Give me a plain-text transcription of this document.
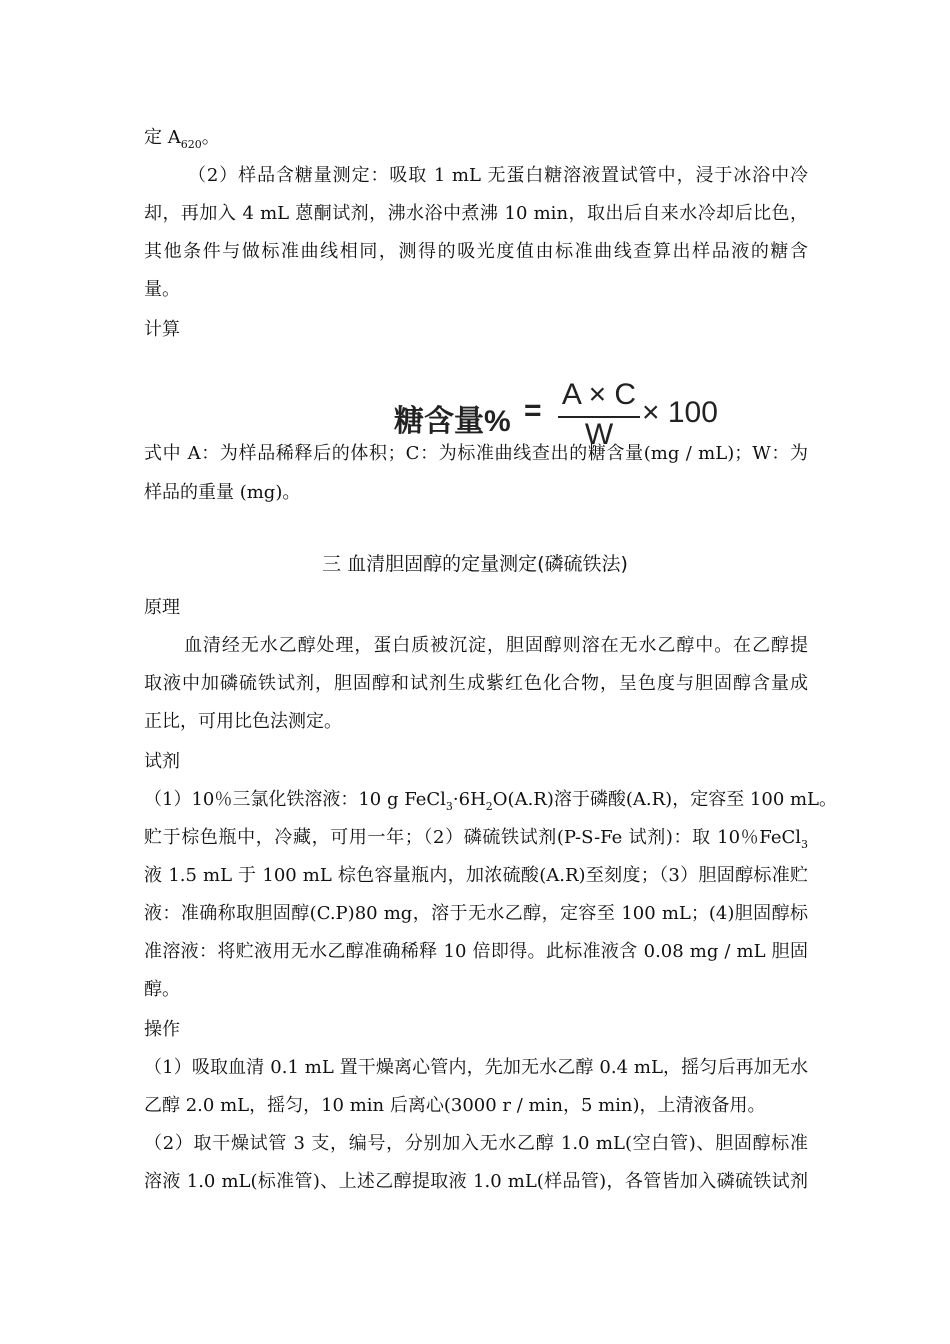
定 $A_{620}$。
（2）样品含糖量测定：吸取 1 mL 无蛋白糖溶液置试管中，浸于冰浴中冷
却，再加入 4 mL 蒽酮试剂，沸水浴中煮沸 10 min，取出后自来水冷却后比色，
其他条件与做标准曲线相同，测得的吸光度值由标准曲线查算出样品液的糖含
量。
计算
糖含量% = A × C
W
× 100
式中 A：为样品稀释后的体积；C：为标准曲线查出的糖含量(mg / mL)；W：为
样品的重量 (mg)。
三 血清胆固醇的定量测定(磷硫铁法)
原理
血清经无水乙醇处理，蛋白质被沉淀，胆固醇则溶在无水乙醇中。在乙醇提
取液中加磷硫铁试剂，胆固醇和试剂生成紫红色化合物，呈色度与胆固醇含量成
正比，可用比色法测定。
试剂
（1）10％三氯化铁溶液：10 g $FeCl_3\cdot 6H_2O(A.R)$溶于磷酸(A.R)，定容至 100 mL。
贮于棕色瓶中，冷藏，可用一年；（2）磷硫铁试剂(P-S-Fe 试剂)：取 10％FeCl$_3$
液 1.5 mL 于 100 mL 棕色容量瓶内，加浓硫酸(A.R)至刻度；（3）胆固醇标准贮
液：准确称取胆固醇(C.P)80 mg，溶于无水乙醇，定容至 100 mL；(4)胆固醇标
准溶液：将贮液用无水乙醇准确稀释 10 倍即得。此标准液含 0.08 mg / mL 胆固
醇。
操作
（1）吸取血清 0.1 mL 置干燥离心管内，先加无水乙醇 0.4 mL，摇匀后再加无水
乙醇 2.0 mL，摇匀，10 min 后离心(3000 r / min，5 min)，上清液备用。
（2）取干燥试管 3 支，编号，分别加入无水乙醇 1.0 mL(空白管)、胆固醇标准
溶液 1.0 mL(标准管)、上述乙醇提取液 1.0 mL(样品管)，各管皆加入磷硫铁试剂
